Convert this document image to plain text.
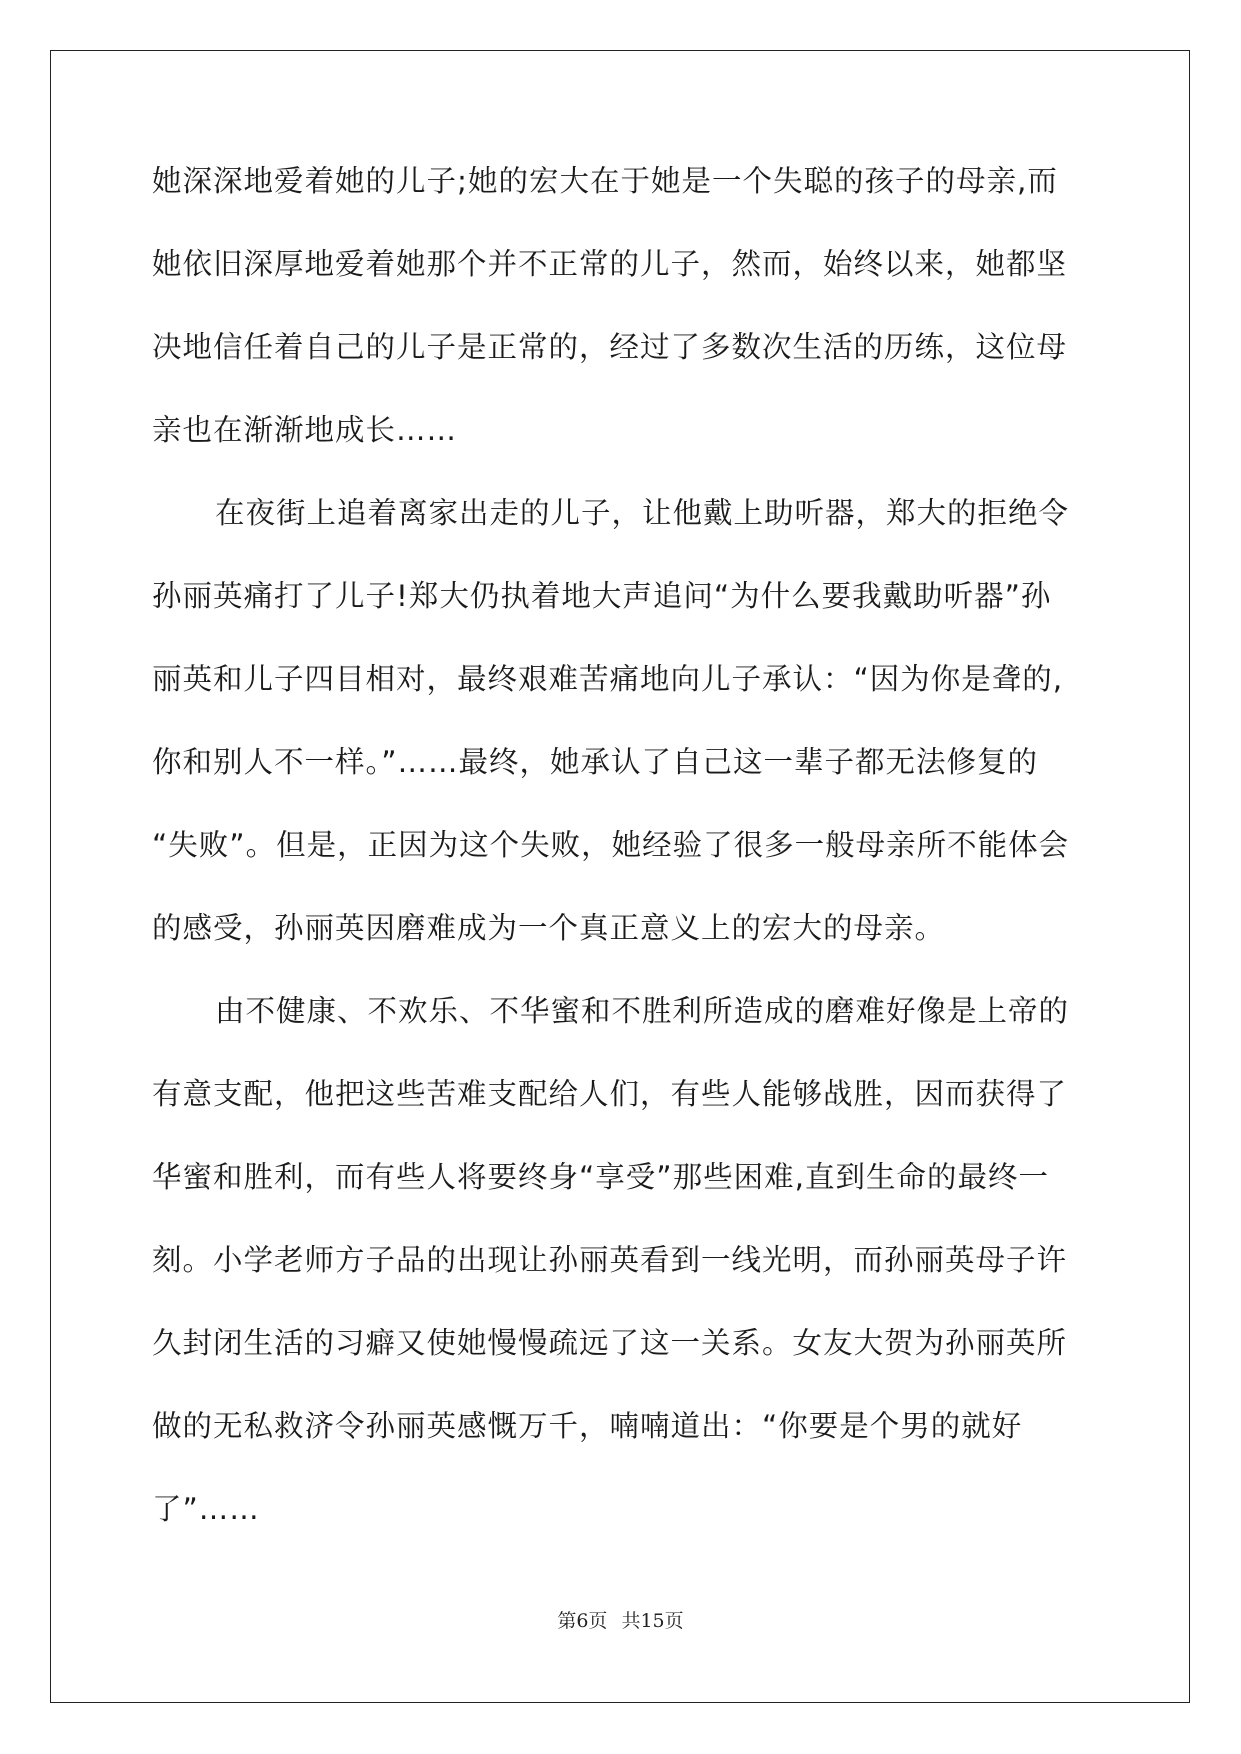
她深深地爱着她的儿子;她的宏大在于她是一个失聪的孩子的母亲,而
她依旧深厚地爱着她那个并不正常的儿子，然而，始终以来，她都坚
决地信任着自己的儿子是正常的，经过了多数次生活的历练，这位母
亲也在渐渐地成长……
在夜街上追着离家出走的儿子，让他戴上助听器，郑大的拒绝令
孙丽英痛打了儿子!郑大仍执着地大声追问“为什么要我戴助听器”孙
丽英和儿子四目相对，最终艰难苦痛地向儿子承认：“因为你是聋的,
你和别人不一样。”……最终，她承认了自己这一辈子都无法修复的
“失败”。但是，正因为这个失败，她经验了很多一般母亲所不能体会
的感受，孙丽英因磨难成为一个真正意义上的宏大的母亲。
由不健康、不欢乐、不华蜜和不胜利所造成的磨难好像是上帝的
有意支配，他把这些苦难支配给人们，有些人能够战胜，因而获得了
华蜜和胜利，而有些人将要终身“享受”那些困难,直到生命的最终一
刻。小学老师方子品的出现让孙丽英看到一线光明，而孙丽英母子许
久封闭生活的习癖又使她慢慢疏远了这一关系。女友大贺为孙丽英所
做的无私救济令孙丽英感慨万千，喃喃道出：“你要是个男的就好
了”……
第6页 共15页
